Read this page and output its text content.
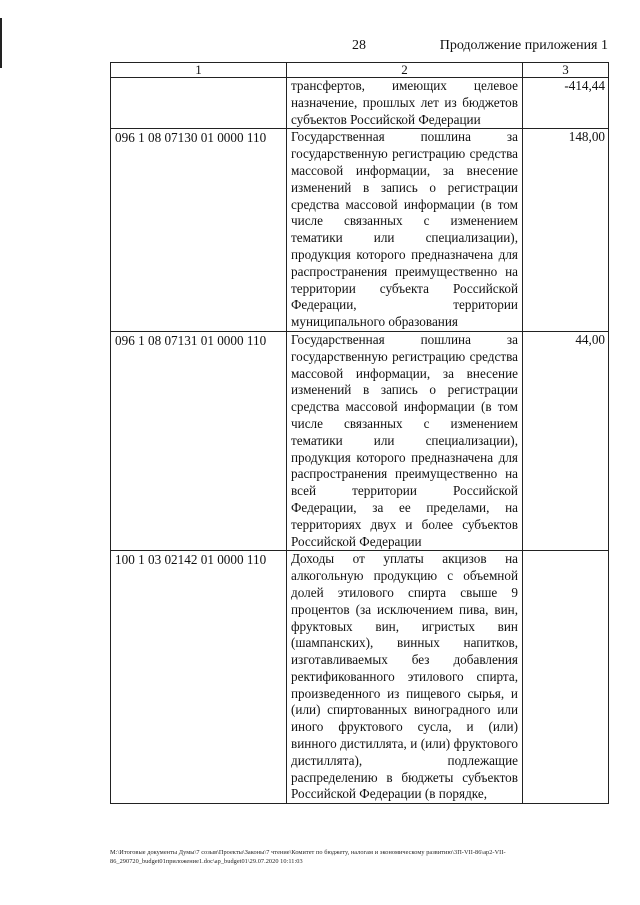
28	Продолжение приложения 1
1	2	3
	трансфертов, имеющих целевое назначение, прошлых лет из бюджетов субъектов Российской Федерации	-414,44
096 1 08 07130 01 0000 110	Государственная пошлина за государственную регистрацию средства массовой информации, за внесение изменений в запись о регистрации средства массовой информации (в том числе связанных с изменением тематики или специализации), продукция которого предназначена для распространения преимущественно на территории субъекта Российской Федерации, территории муниципального образования	148,00
096 1 08 07131 01 0000 110	Государственная пошлина за государственную регистрацию средства массовой информации, за внесение изменений в запись о регистрации средства массовой информации (в том числе связанных с изменением тематики или специализации), продукция которого предназначена для распространения преимущественно на всей территории Российской Федерации, за ее пределами, на территориях двух и более субъектов Российской Федерации	44,00
100 1 03 02142 01 0000 110	Доходы от уплаты акцизов на алкогольную продукцию с объемной долей этилового спирта свыше 9 процентов (за исключением пива, вин, фруктовых вин, игристых вин (шампанских), винных напитков, изготавливаемых без добавления ректификованного этилового спирта, произведенного из пищевого сырья, и (или) спиртованных виноградного или иного фруктового сусла, и (или) винного дистиллята, и (или) фруктового дистиллята), подлежащие распределению в бюджеты субъектов Российской Федерации (в порядке,	
M:\Итоговые документы Думы\7 созыв\Проекты\Законы\7 чтение\Комитет по бюджету, налогам и экономическому развитию\3П-VII-86\ap2-VII-86_290720_budget01приложение1.doc\ap_budget01\29.07.2020 10:11:03
